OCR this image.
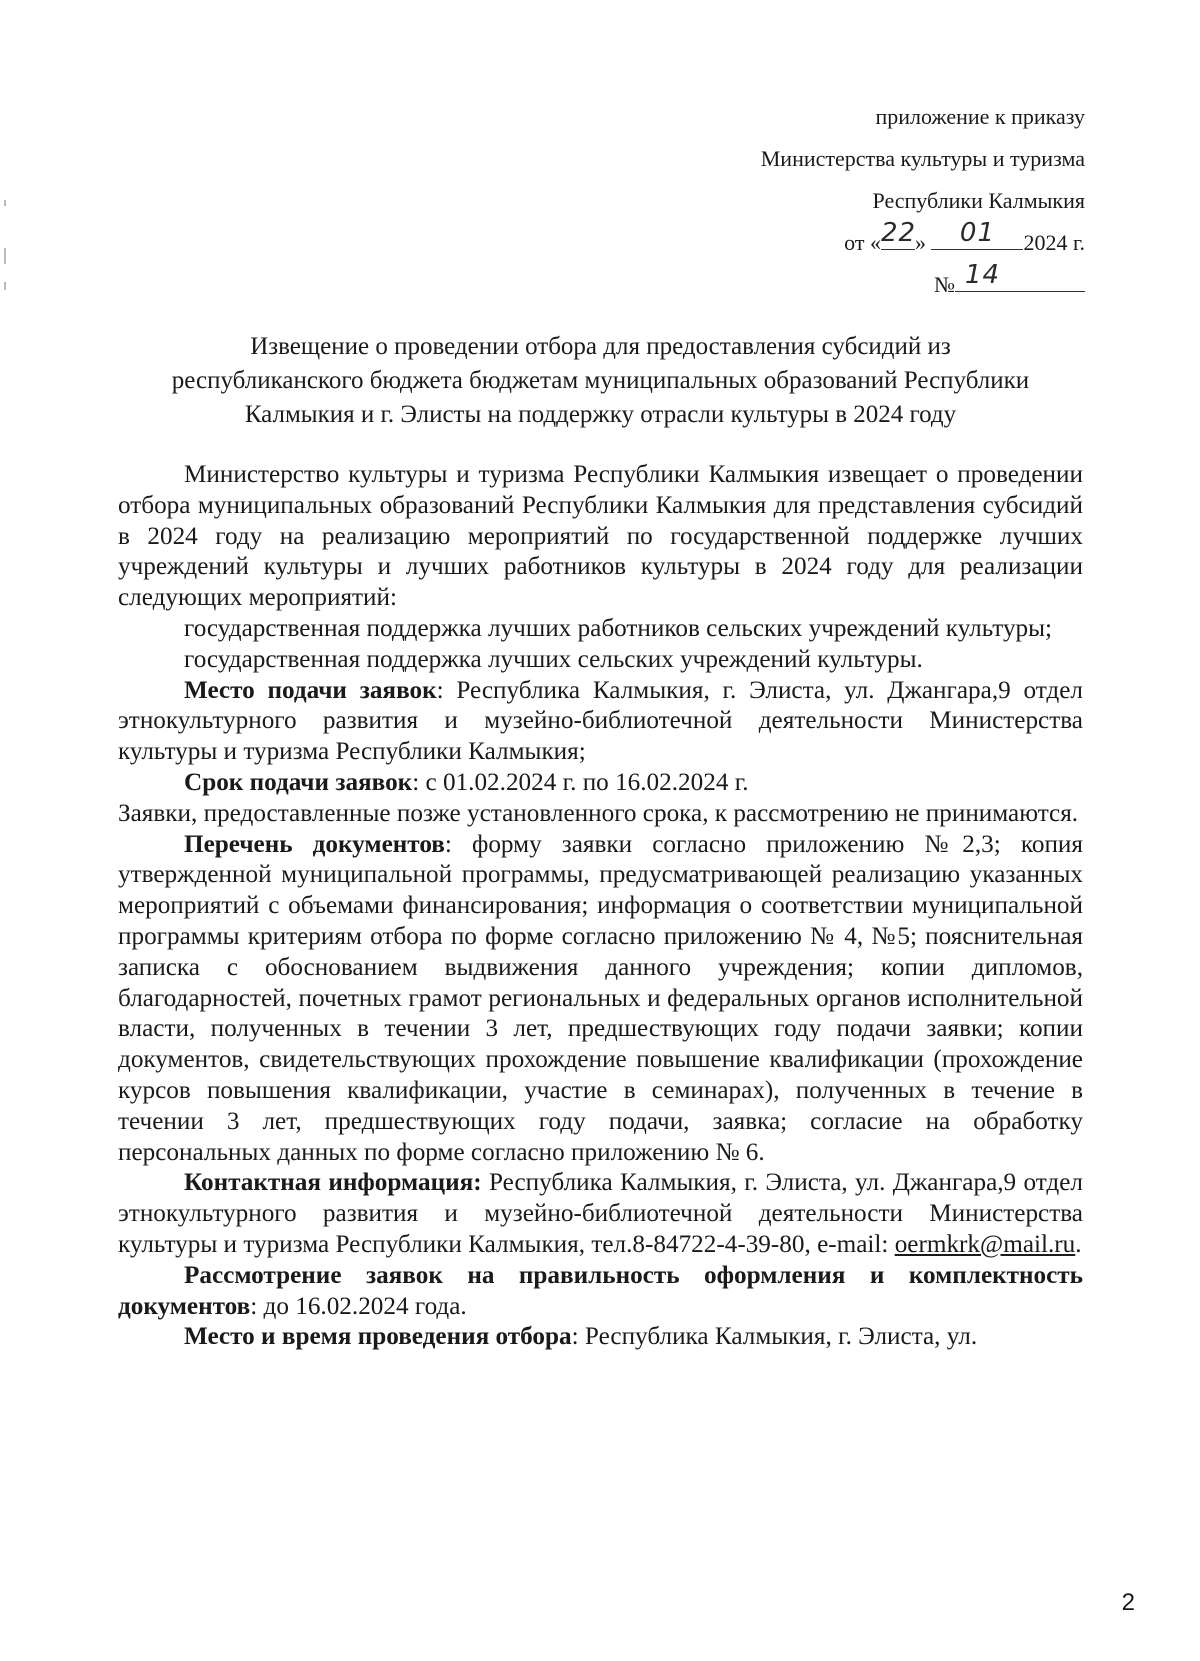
приложение к приказу
Министерства культуры и туризма
Республики Калмыкия
от « 22
»	01	2024 г.
№ 14
Извещение о проведении отбора для предоставления субсидий из
республиканского бюджета бюджетам муниципальных образований Республики
Калмыкия и г. Элисты на поддержку отрасли культуры в 2024 году

Министерство культуры и туризма Республики Калмыкия извещает о проведении отбора муниципальных образований Республики Калмыкия для представления субсидий в 2024 году на реализацию мероприятий по государственной поддержке лучших учреждений культуры и лучших работников культуры в 2024 году для реализации следующих мероприятий:

государственная поддержка лучших работников сельских учреждений культуры;

государственная поддержка лучших сельских учреждений культуры.

Место подачи заявок: Республика Калмыкия, г. Элиста, ул. Джангара,9 отдел этнокультурного развития и музейно-библиотечной деятельности Министерства культуры и туризма Республики Калмыкия;

Срок подачи заявок: с 01.02.2024 г. по 16.02.2024 г.

Заявки, предоставленные позже установленного срока, к рассмотрению не принимаются.

Перечень документов: форму заявки согласно приложению №2,3; копия утвержденной муниципальной программы, предусматривающей реализацию указанных мероприятий с объемами финансирования; информация о соответствии муниципальной программы критериям отбора по форме согласно приложению № 4, №5; пояснительная записка с обоснованием выдвижения данного учреждения; копии дипломов, благодарностей, почетных грамот региональных и федеральных органов исполнительной власти, полученных в течении 3 лет, предшествующих году подачи заявки; копии документов, свидетельствующих прохождение повышение квалификации (прохождение курсов повышения квалификации, участие в семинарах), полученных в течение в течении 3 лет, предшествующих году подачи, заявка; согласие на обработку персональных данных по форме согласно приложению № 6.

Контактная информация: Республика Калмыкия, г. Элиста, ул. Джангара,9 отдел этнокультурного развития и музейно-библиотечной деятельности Министерства культуры и туризма Республики Калмыкия, тел.8-84722-4-39-80, e-mail: oermkrk@mail.ru.

Рассмотрение заявок на правильность оформления и комплектность документов: до 16.02.2024 года.

Место и время проведения отбора: Республика Калмыкия, г. Элиста, ул.

2
